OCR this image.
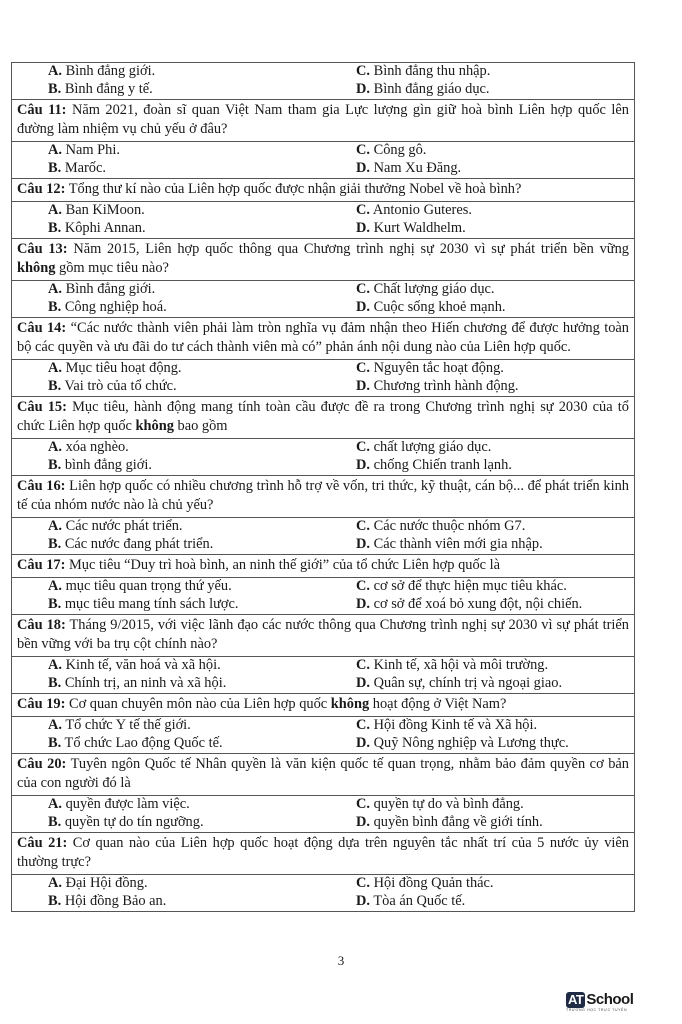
A. Bình đẳng giới.	C. Bình đẳng thu nhập.
B. Bình đẳng y tế.	D. Bình đẳng giáo dục.
Câu 11: Năm 2021, đoàn sĩ quan Việt Nam tham gia Lực lượng gìn giữ hoà bình Liên hợp quốc lên đường làm nhiệm vụ chủ yếu ở đâu?
A. Nam Phi.	C. Công gô.
B. Marốc.	D. Nam Xu Đăng.
Câu 12: Tổng thư kí nào của Liên hợp quốc được nhận giải thưởng Nobel về hoà bình?
A. Ban KiMoon.	C. Antonio Guteres.
B. Kôphi Annan.	D. Kurt Waldhelm.
Câu 13: Năm 2015, Liên hợp quốc thông qua Chương trình nghị sự 2030 vì sự phát triển bền vững không gồm mục tiêu nào?
A. Bình đẳng giới.	C. Chất lượng giáo dục.
B. Công nghiệp hoá.	D. Cuộc sống khoẻ mạnh.
Câu 14: “Các nước thành viên phải làm tròn nghĩa vụ đảm nhận theo Hiến chương để được hưởng toàn bộ các quyền và ưu đãi do tư cách thành viên mà có” phản ánh nội dung nào của Liên hợp quốc.
A. Mục tiêu hoạt động.	C. Nguyên tắc hoạt động.
B. Vai trò của tổ chức.	D. Chương trình hành động.
Câu 15: Mục tiêu, hành động mang tính toàn cầu được đề ra trong Chương trình nghị sự 2030 của tổ chức Liên hợp quốc không bao gồm
A. xóa nghèo.	C. chất lượng giáo dục.
B. bình đẳng giới.	D. chống Chiến tranh lạnh.
Câu 16: Liên hợp quốc có nhiều chương trình hỗ trợ về vốn, tri thức, kỹ thuật, cán bộ... để phát triển kinh tế của nhóm nước nào là chủ yếu?
A. Các nước phát triển.	C. Các nước thuộc nhóm G7.
B. Các nước đang phát triển.	D. Các thành viên mới gia nhập.
Câu 17: Mục tiêu “Duy trì hoà bình, an ninh thế giới” của tổ chức Liên hợp quốc là
A. mục tiêu quan trọng thứ yếu.	C. cơ sở để thực hiện mục tiêu khác.
B. mục tiêu mang tính sách lược.	D. cơ sở để xoá bỏ xung đột, nội chiến.
Câu 18: Tháng 9/2015, với việc lãnh đạo các nước thông qua Chương trình nghị sự 2030 vì sự phát triển bền vững với ba trụ cột chính nào?
A. Kinh tế, văn hoá và xã hội.	C. Kinh tế, xã hội và môi trường.
B. Chính trị, an ninh và xã hội.	D. Quân sự, chính trị và ngoại giao.
Câu 19: Cơ quan chuyên môn nào của Liên hợp quốc không hoạt động ở Việt Nam?
A. Tổ chức Y tế thế giới.	C. Hội đồng Kinh tế và Xã hội.
B. Tổ chức Lao động Quốc tế.	D. Quỹ Nông nghiệp và Lương thực.
Câu 20: Tuyên ngôn Quốc tế Nhân quyền là văn kiện quốc tế quan trọng, nhằm bảo đảm quyền cơ bản của con người đó là
A. quyền được làm việc.	C. quyền tự do và bình đẳng.
B. quyền tự do tín ngưỡng.	D. quyền bình đẳng về giới tính.
Câu 21: Cơ quan nào của Liên hợp quốc hoạt động dựa trên nguyên tắc nhất trí của 5 nước ủy viên thường trực?
A. Đại Hội đồng.	C. Hội đồng Quản thác.
B. Hội đồng Bảo an.	D. Tòa án Quốc tế.
3
AT School
TRƯỜNG HỌC TRỰC TUYẾN
